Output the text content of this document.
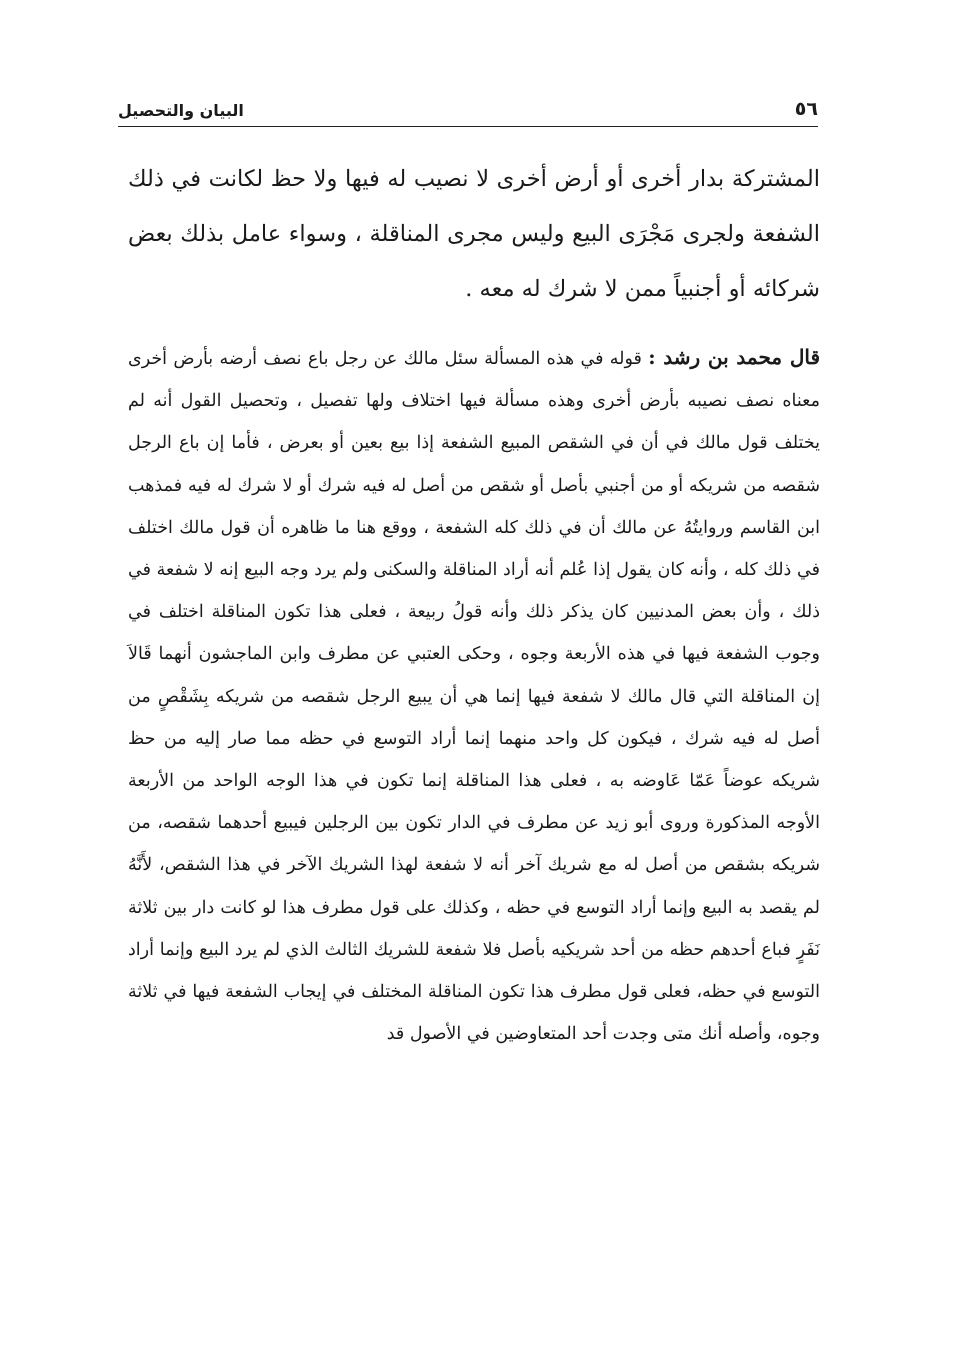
٥٦
البيان والتحصيل

المشتركة بدار أخرى أو أرض أخرى لا نصيب له فيها ولا حظ لكانت في ذلك الشفعة ولجرى مَجْرَى البيع وليس مجرى المناقلة ، وسواء عامل بذلك بعض شركائه أو أجنبياً ممن لا شرك له معه .

قال محمد بن رشد : قوله في هذه المسألة سئل مالك عن رجل باع نصف أرضه بأرض أخرى معناه نصف نصيبه بأرض أخرى وهذه مسألة فيها اختلاف ولها تفصيل ، وتحصيل القول أنه لم يختلف قول مالك في أن في الشقص المبيع الشفعة إذا بيع بعين أو بعرض ، فأما إن باع الرجل شقصه من شريكه أو من أجنبي بأصل أو شقص من أصل له فيه شرك أو لا شرك له فيه فمذهب ابن القاسم وروايتُهُ عن مالك أن في ذلك كله الشفعة ، ووقع هنا ما ظاهره أن قول مالك اختلف في ذلك كله ، وأنه كان يقول إذا عُلم أنه أراد المناقلة والسكنى ولم يرد وجه البيع إنه لا شفعة في ذلك ، وأن بعض المدنيين كان يذكر ذلك وأنه قولُ ربيعة ، فعلى هذا تكون المناقلة اختلف في وجوب الشفعة فيها في هذه الأربعة وجوه ، وحكى العتبي عن مطرف وابن الماجشون أنهما قَالاَ إن المناقلة التي قال مالك لا شفعة فيها إنما هي أن يبيع الرجل شقصه من شريكه بِشَقْصٍ من أصل له فيه شرك ، فيكون كل واحد منهما إنما أراد التوسع في حظه مما صار إليه من حظ شريكه عوضاً عَمّا عَاوضه به ، فعلى هذا المناقلة إنما تكون في هذا الوجه الواحد من الأربعة الأوجه المذكورة وروى أبو زيد عن مطرف في الدار تكون بين الرجلين فيبيع أحدهما شقصه، من شريكه بشقص من أصل له مع شريك آخر أنه لا شفعة لهذا الشريك الآخر في هذا الشقص، لأَنَّهُ لم يقصد به البيع وإنما أراد التوسع في حظه ، وكذلك على قول مطرف هذا لو كانت دار بين ثلاثة نَفَرٍ فباع أحدهم حظه من أحد شريكيه بأصل فلا شفعة للشريك الثالث الذي لم يرد البيع وإنما أراد التوسع في حظه، فعلى قول مطرف هذا تكون المناقلة المختلف في إيجاب الشفعة فيها في ثلاثة وجوه، وأصله أنك متى وجدت أحد المتعاوضين في الأصول قد
